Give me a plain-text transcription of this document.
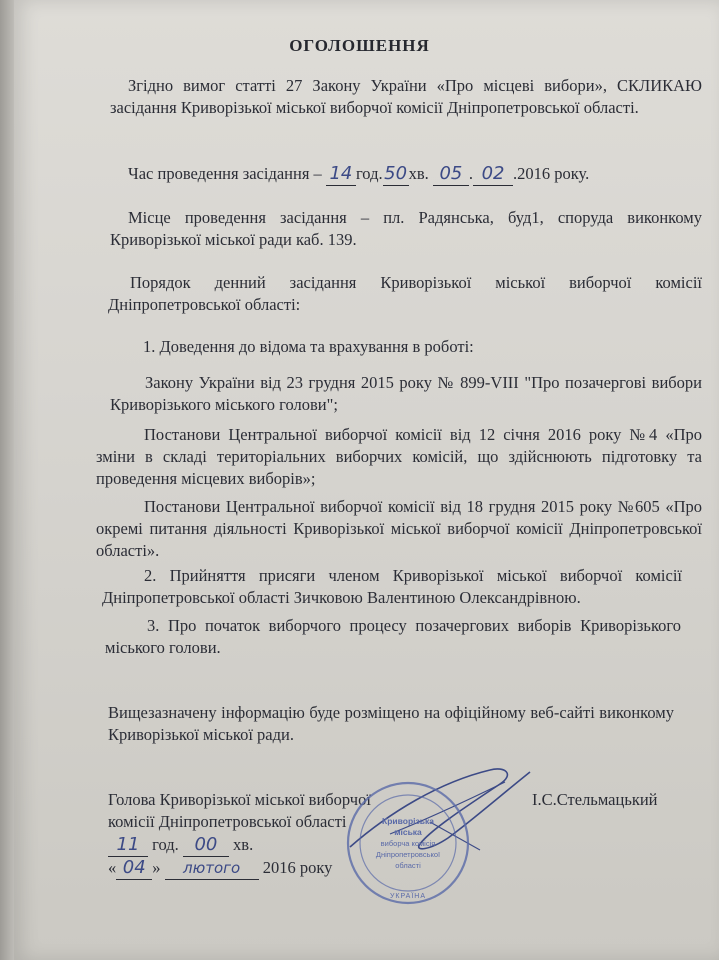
ОГОЛОШЕННЯ
Згідно вимог статті 27 Закону України «Про місцеві вибори», СКЛИКАЮ засідання Криворізької міської виборчої комісії Дніпропетровської області.
Час проведення засідання – 14 год.50хв. 05 . 02 .2016 року.
Місце проведення засідання – пл. Радянська, буд1, споруда виконкому Криворізької міської ради каб. 139.
Порядок денний засідання Криворізької міської виборчої комісії Дніпропетровської області:
1. Доведення до відома та врахування в роботі:
Закону України від 23 грудня 2015 року № 899-VIII "Про позачергові вибори Криворізького міського голови";
Постанови Центральної виборчої комісії від 12 січня 2016 року №4 «Про зміни в складі територіальних виборчих комісій, що здійснюють підготовку та проведення місцевих виборів»;
Постанови Центральної виборчої комісії від 18 грудня 2015 року №605 «Про окремі питання діяльності Криворізької міської виборчої комісії Дніпропетровської області».
2. Прийняття присяги членом Криворізької міської виборчої комісії Дніпропетровської області Зичковою Валентиною Олександрівною.
3. Про початок виборчого процесу позачергових виборів Криворізького міського голови.
Вищезазначену інформацію буде розміщено на офіційному веб-сайті виконкому Криворізької міської ради.
Голова Криворізької міської виборчої
комісії Дніпропетровської області
11 год. 00 хв.
« 04 » лютого 2016 року
І.С.Стельмацький
Криворізька
міська
виборча комісія
Дніпропетровської
області
УКРАЇНА
